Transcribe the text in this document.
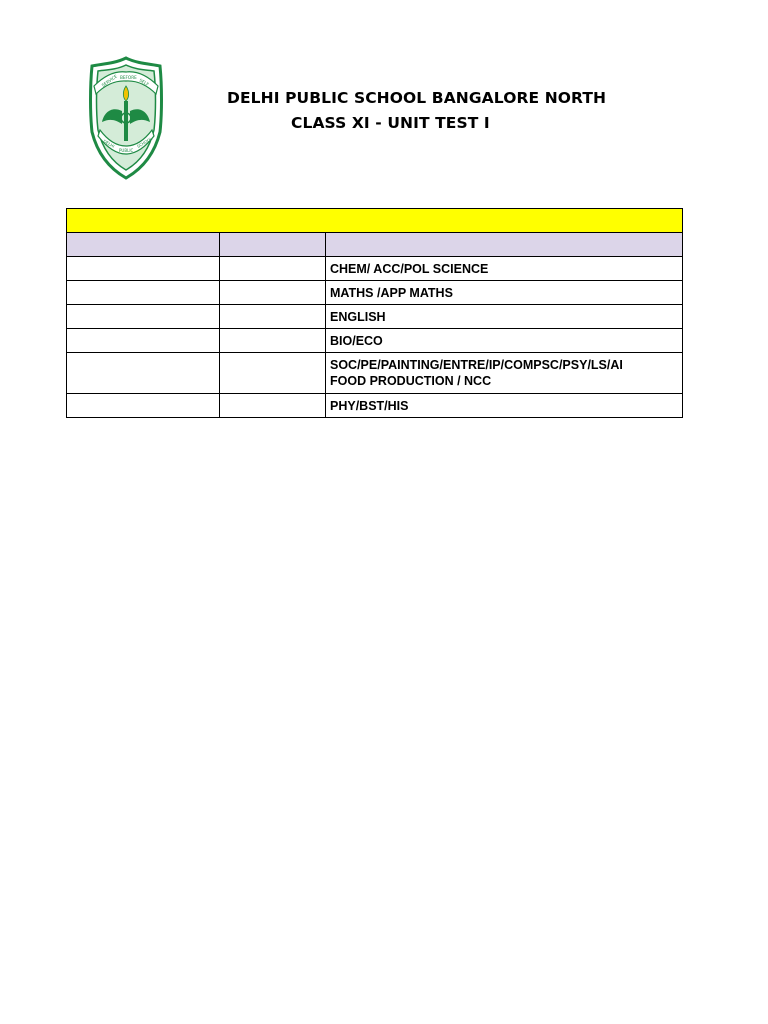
SERVICE BEFORE
SELF
DELHI
PUBLIC
SCHOOL
DELHI PUBLIC SCHOOL BANGALORE NORTH
CLASS XI - UNIT TEST I

		CHEM/ ACC/POL SCIENCE
		MATHS /APP MATHS
		ENGLISH
		BIO/ECO
		SOC/PE/PAINTING/ENTRE/IP/COMPSC/PSY/LS/AI
FOOD PRODUCTION / NCC
		PHY/BST/HIS
